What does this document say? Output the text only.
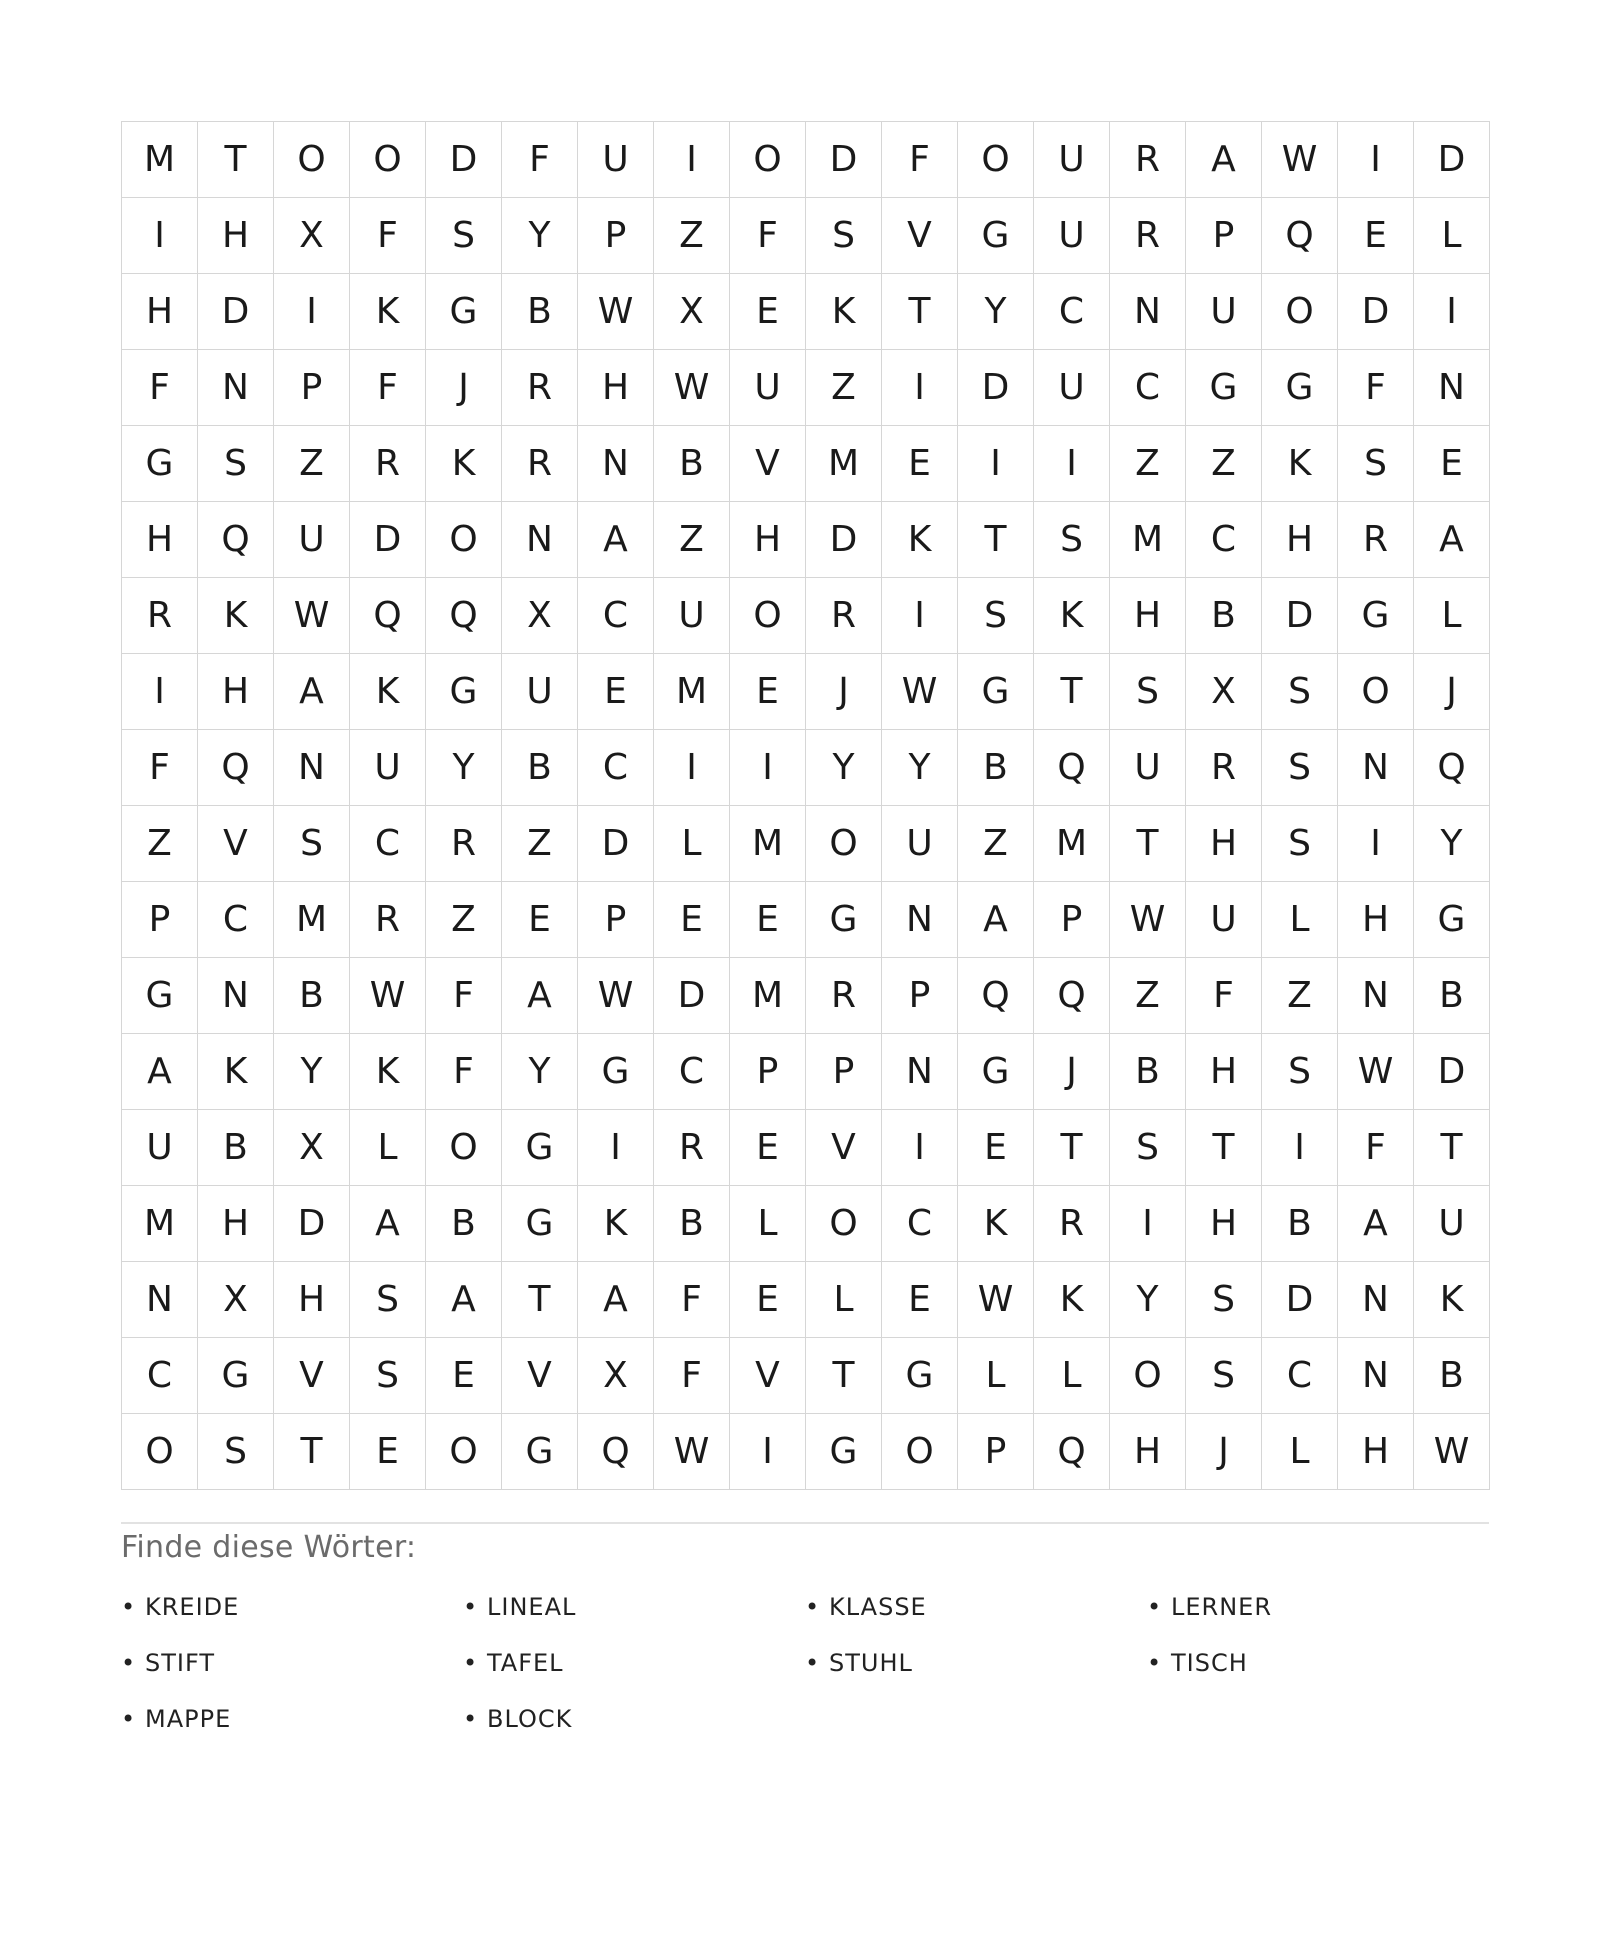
M	T	O	O	D	F	U	I	O	D	F	O	U	R	A	W	I	D
I	H	X	F	S	Y	P	Z	F	S	V	G	U	R	P	Q	E	L
H	D	I	K	G	B	W	X	E	K	T	Y	C	N	U	O	D	I
F	N	P	F	J	R	H	W	U	Z	I	D	U	C	G	G	F	N
G	S	Z	R	K	R	N	B	V	M	E	I	I	Z	Z	K	S	E
H	Q	U	D	O	N	A	Z	H	D	K	T	S	M	C	H	R	A
R	K	W	Q	Q	X	C	U	O	R	I	S	K	H	B	D	G	L
I	H	A	K	G	U	E	M	E	J	W	G	T	S	X	S	O	J
F	Q	N	U	Y	B	C	I	I	Y	Y	B	Q	U	R	S	N	Q
Z	V	S	C	R	Z	D	L	M	O	U	Z	M	T	H	S	I	Y
P	C	M	R	Z	E	P	E	E	G	N	A	P	W	U	L	H	G
G	N	B	W	F	A	W	D	M	R	P	Q	Q	Z	F	Z	N	B
A	K	Y	K	F	Y	G	C	P	P	N	G	J	B	H	S	W	D
U	B	X	L	O	G	I	R	E	V	I	E	T	S	T	I	F	T
M	H	D	A	B	G	K	B	L	O	C	K	R	I	H	B	A	U
N	X	H	S	A	T	A	F	E	L	E	W	K	Y	S	D	N	K
C	G	V	S	E	V	X	F	V	T	G	L	L	O	S	C	N	B
O	S	T	E	O	G	Q	W	I	G	O	P	Q	H	J	L	H	W
Finde diese Wörter:
• KREIDE	• LINEAL	• KLASSE	• LERNER
• STIFT	• TAFEL	• STUHL	• TISCH
• MAPPE	• BLOCK
